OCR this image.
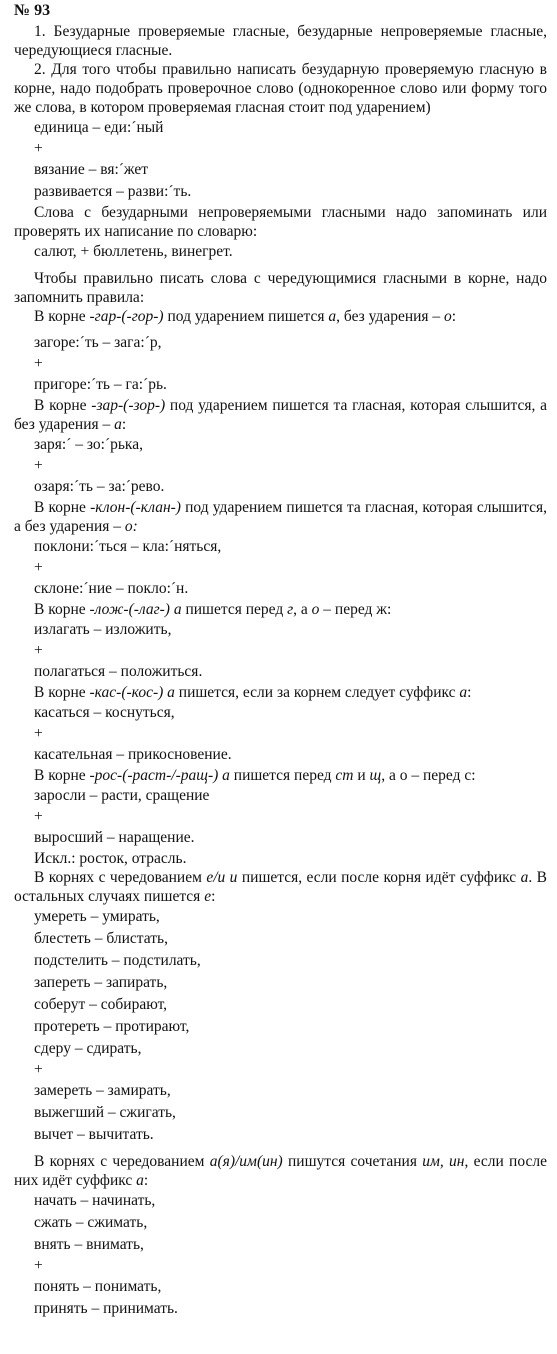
№ 93

1. Безударные проверяемые гласные, безударные непроверяемые гласные, чередующиеся гласные.

2. Для того чтобы правильно написать безударную проверяемую гласную в корне, надо подобрать проверочное слово (однокоренное слово или форму того же слова, в котором проверяемая гласная стоит под ударением)

единица – еди:´ный

+

вязание – вя:´жет

развивается – разви:´ть.

Слова с безударными непроверяемыми гласными надо запоминать или проверять их написание по словарю:

салют, + бюллетень, винегрет.

Чтобы правильно писать слова с чередующимися гласными в корне, надо запомнить правила:

В корне -гар-(-гор-) под ударением пишется а, без ударения – о:

загоре:´ть – зага:´р,

+

пригоре:´ть – га:´рь.

В корне -зар-(-зор-) под ударением пишется та гласная, которая слышится, а без ударения – а:

заря:´ – зо:´рька,

+

озаря:´ть – за:´рево.

В корне -клон-(-клан-) под ударением пишется та гласная, которая слышится, а без ударения – о:

поклони:´ться – кла:´няться,

+

склоне:´ние – покло:´н.

В корне -лож-(-лаг-) а пишется перед г, а о – перед ж:

излагать – изложить,

+

полагаться – положиться.

В корне -кас-(-кос-) а пишется, если за корнем следует суффикс а:

касаться – коснуться,

+

касательная – прикосновение.

В корне -рос-(-раст-/-ращ-) а пишется перед ст и щ, а о – перед с:

заросли – расти, сращение

+

выросший – наращение.

Искл.: росток, отрасль.

В корнях с чередованием е/и и пишется, если после корня идёт суффикс а. В остальных случаях пишется е:

умереть – умирать,

блестеть – блистать,

подстелить – подстилать,

запереть – запирать,

соберут – собирают,

протереть – протирают,

сдеру – сдирать,

+

замереть – замирать,

выжегший – сжигать,

вычет – вычитать.

В корнях с чередованием а(я)/им(ин) пишутся сочетания им, ин, если после них идёт суффикс а:

начать – начинать,

сжать – сжимать,

внять – внимать,

+

понять – понимать,

принять – принимать.
